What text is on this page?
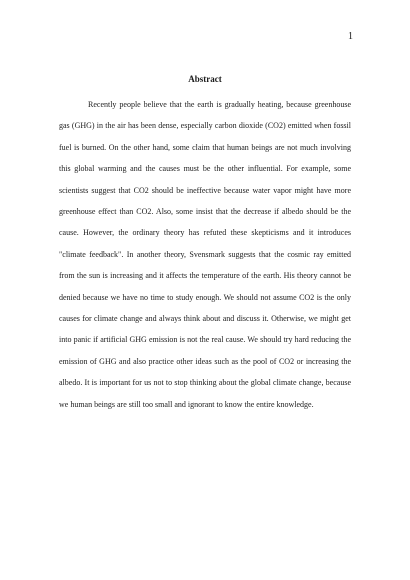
1
Abstract

Recently people believe that the earth is gradually heating, because greenhouse gas (GHG) in the air has been dense, especially carbon dioxide (CO2) emitted when fossil fuel is burned. On the other hand, some claim that human beings are not much involving this global warming and the causes must be the other influential. For example, some scientists suggest that CO2 should be ineffective because water vapor might have more greenhouse effect than CO2. Also, some insist that the decrease if albedo should be the cause. However, the ordinary theory has refuted these skepticisms and it introduces "climate feedback". In another theory, Svensmark suggests that the cosmic ray emitted from the sun is increasing and it affects the temperature of the earth. His theory cannot be denied because we have no time to study enough. We should not assume CO2 is the only causes for climate change and always think about and discuss it. Otherwise, we might get into panic if artificial GHG emission is not the real cause. We should try hard reducing the emission of GHG and also practice other ideas such as the pool of CO2 or increasing the albedo. It is important for us not to stop thinking about the global climate change, because we human beings are still too small and ignorant to know the entire knowledge.
